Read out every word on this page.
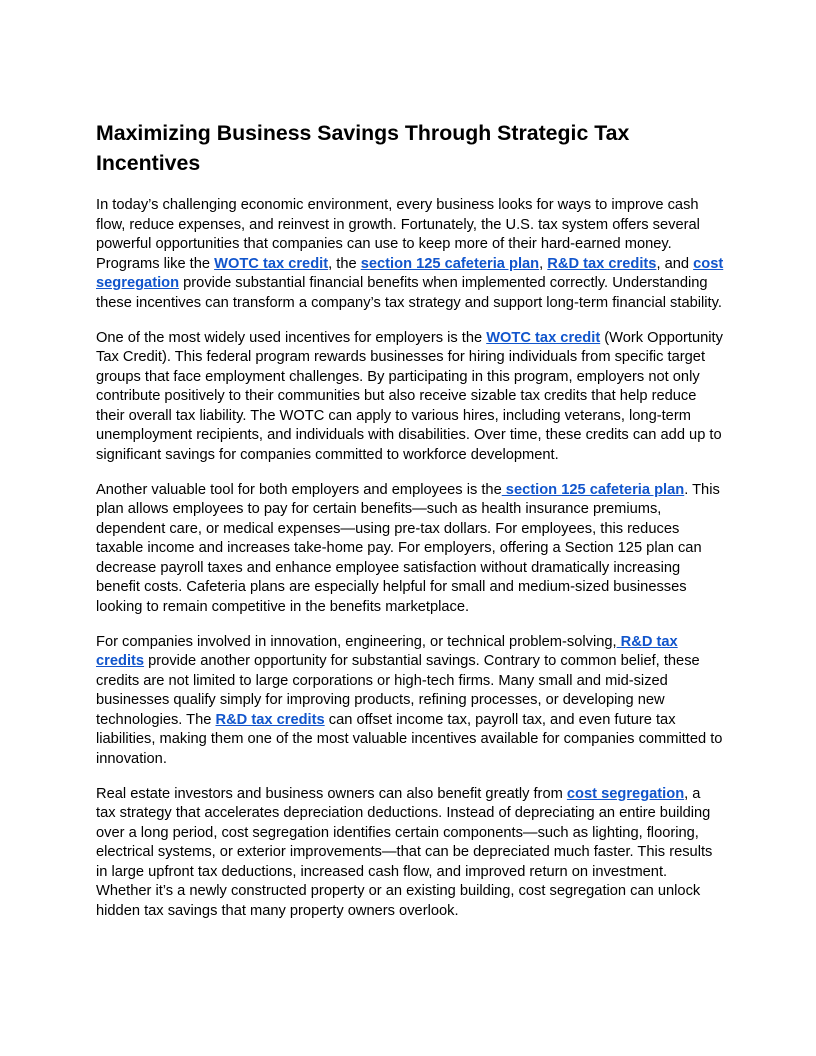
Maximizing Business Savings Through Strategic Tax Incentives

In today’s challenging economic environment, every business looks for ways to improve cash flow, reduce expenses, and reinvest in growth. Fortunately, the U.S. tax system offers several powerful opportunities that companies can use to keep more of their hard-earned money. Programs like the WOTC tax credit, the section 125 cafeteria plan, R&D tax credits, and cost segregation provide substantial financial benefits when implemented correctly. Understanding these incentives can transform a company’s tax strategy and support long-term financial stability.

One of the most widely used incentives for employers is the WOTC tax credit (Work Opportunity Tax Credit). This federal program rewards businesses for hiring individuals from specific target groups that face employment challenges. By participating in this program, employers not only contribute positively to their communities but also receive sizable tax credits that help reduce their overall tax liability. The WOTC can apply to various hires, including veterans, long-term unemployment recipients, and individuals with disabilities. Over time, these credits can add up to significant savings for companies committed to workforce development.

Another valuable tool for both employers and employees is the section 125 cafeteria plan. This plan allows employees to pay for certain benefits—such as health insurance premiums, dependent care, or medical expenses—using pre-tax dollars. For employees, this reduces taxable income and increases take-home pay. For employers, offering a Section 125 plan can decrease payroll taxes and enhance employee satisfaction without dramatically increasing benefit costs. Cafeteria plans are especially helpful for small and medium-sized businesses looking to remain competitive in the benefits marketplace.

For companies involved in innovation, engineering, or technical problem-solving, R&D tax credits provide another opportunity for substantial savings. Contrary to common belief, these credits are not limited to large corporations or high-tech firms. Many small and mid-sized businesses qualify simply for improving products, refining processes, or developing new technologies. The R&D tax credits can offset income tax, payroll tax, and even future tax liabilities, making them one of the most valuable incentives available for companies committed to innovation.

Real estate investors and business owners can also benefit greatly from cost segregation, a tax strategy that accelerates depreciation deductions. Instead of depreciating an entire building over a long period, cost segregation identifies certain components—such as lighting, flooring, electrical systems, or exterior improvements—that can be depreciated much faster. This results in large upfront tax deductions, increased cash flow, and improved return on investment. Whether it’s a newly constructed property or an existing building, cost segregation can unlock hidden tax savings that many property owners overlook.
